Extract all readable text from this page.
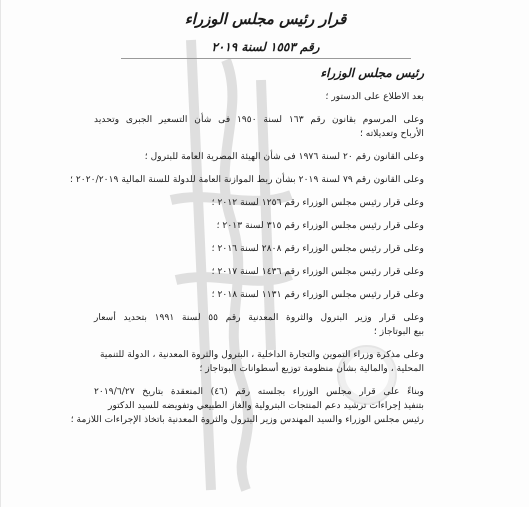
قرار رئيس مجلس الوزراء
رقم ١٥٥٣ لسنة ٢٠١٩
رئيس مجلس الوزراء
بعد الاطلاع على الدستور ؛
وعلى المرسوم بقانون رقم ١٦٣ لسنة ١٩٥٠ فى شأن التسعير الجبرى وتحديد
الأرباح وتعديلاته ؛
وعلى القانون رقم ٢٠ لسنة ١٩٧٦ فى شأن الهيئة المصرية العامة للبترول ؛
وعلى القانون رقم ٧٩ لسنة ٢٠١٩ بشأن ربط الموازنة العامة للدولة للسنة المالية ٢٠٢٠/٢٠١٩ ؛
وعلى قرار رئيس مجلس الوزراء رقم ١٢٥٦ لسنة ٢٠١٢ ؛
وعلى قرار رئيس مجلس الوزراء رقم ٣١٥ لسنة ٢٠١٣ ؛
وعلى قرار رئيس مجلس الوزراء رقم ٢٨٠٨ لسنة ٢٠١٦ ؛
وعلى قرار رئيس مجلس الوزراء رقم ١٤٣٦ لسنة ٢٠١٧ ؛
وعلى قرار رئيس مجلس الوزراء رقم ١١٣١ لسنة ٢٠١٨ ؛
وعلى قرار وزير البترول والثروة المعدنية رقم ٥٥ لسنة ١٩٩١ بتحديد أسعار
بيع البوتاجاز ؛
وعلى مذكرة وزراء التموين والتجارة الداخلية ، البترول والثروة المعدنية ، الدولة للتنمية
المحلية ، والمالية بشأن منظومة توزيع أسطوانات البوتاجاز ؛
وبناءً على قرار مجلس الوزراء بجلسته رقم (٤٦) المنعقدة بتاريخ ٢٠١٩/٦/٢٧
بتنفيذ إجراءات ترشيد دعم المنتجات البترولية والغاز الطبيعي وتفويضه للسيد الدكتور
رئيس مجلس الوزراء والسيد المهندس وزير البترول والثروة المعدنية باتخاذ الإجراءات اللازمة ؛
